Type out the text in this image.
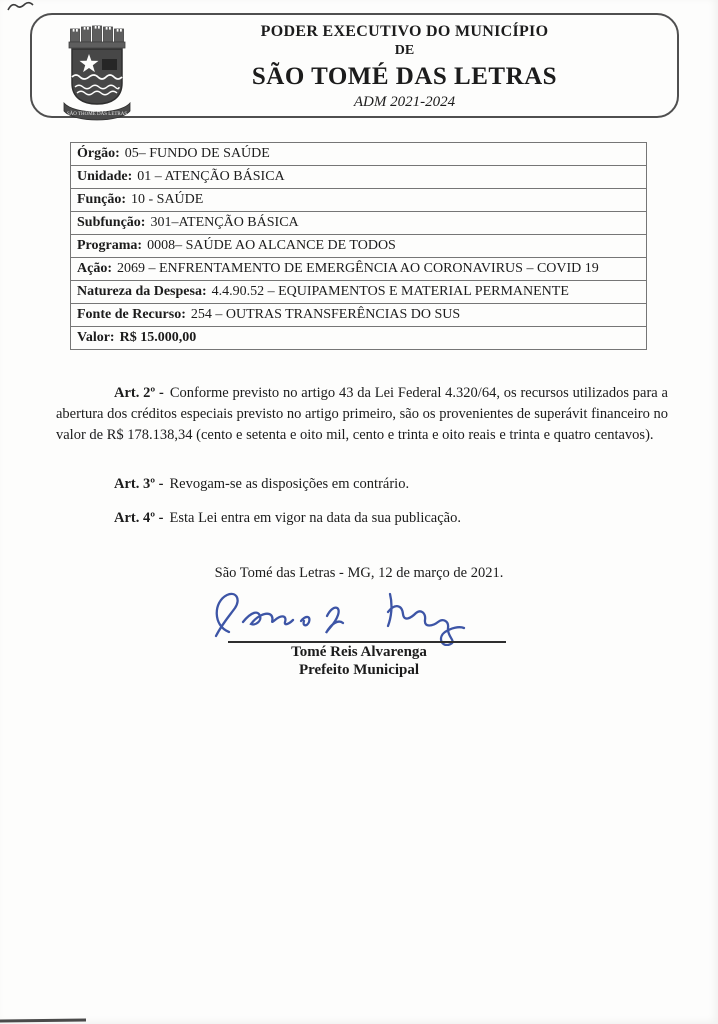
SÃO THOMÉ DAS LETRAS
PODER EXECUTIVO DO MUNICÍPIO
DE
SÃO TOMÉ DAS LETRAS
ADM 2021-2024
Órgão: 05– FUNDO DE SAÚDE
Unidade: 01 – ATENÇÃO BÁSICA
Função: 10 - SAÚDE
Subfunção: 301–ATENÇÃO BÁSICA
Programa: 0008– SAÚDE AO ALCANCE DE TODOS
Ação: 2069 – ENFRENTAMENTO DE EMERGÊNCIA AO CORONAVIRUS – COVID 19
Natureza da Despesa: 4.4.90.52 – EQUIPAMENTOS E MATERIAL PERMANENTE
Fonte de Recurso: 254 – OUTRAS TRANSFERÊNCIAS DO SUS
Valor: R$ 15.000,00

Art. 2º - Conforme previsto no artigo 43 da Lei Federal 4.320/64, os recursos utilizados para a abertura dos créditos especiais previsto no artigo primeiro, são os provenientes de superávit financeiro no valor de R$ 178.138,34 (cento e setenta e oito mil, cento e trinta e oito reais e trinta e quatro centavos).

Art. 3º - Revogam-se as disposições em contrário.

Art. 4º - Esta Lei entra em vigor na data da sua publicação.

São Tomé das Letras - MG, 12 de março de 2021.
Tomé Reis Alvarenga
Prefeito Municipal
